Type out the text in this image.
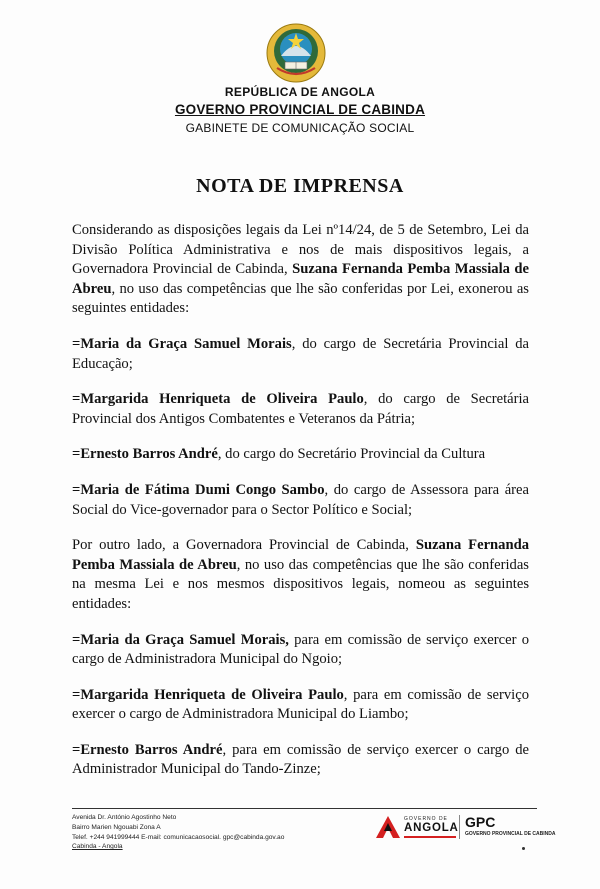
REPÚBLICA DE ANGOLA
GOVERNO PROVINCIAL DE CABINDA
GABINETE DE COMUNICAÇÃO SOCIAL
NOTA DE IMPRENSA

Considerando as disposições legais da Lei nº14/24, de 5 de Setembro, Lei da Divisão Política Administrativa e nos de mais dispositivos legais, a Governadora Provincial de Cabinda, Suzana Fernanda Pemba Massiala de Abreu, no uso das competências que lhe são conferidas por Lei, exonerou as seguintes entidades:

=Maria da Graça Samuel Morais, do cargo de Secretária Provincial da Educação;

=Margarida Henriqueta de Oliveira Paulo, do cargo de Secretária Provincial dos Antigos Combatentes e Veteranos da Pátria;

=Ernesto Barros André, do cargo do Secretário Provincial da Cultura

=Maria de Fátima Dumi Congo Sambo, do cargo de Assessora para área Social do Vice-governador para o Sector Político e Social;

Por outro lado, a Governadora Provincial de Cabinda, Suzana Fernanda Pemba Massiala de Abreu, no uso das competências que lhe são conferidas na mesma Lei e nos mesmos dispositivos legais, nomeou as seguintes entidades:

=Maria da Graça Samuel Morais, para em comissão de serviço exercer o cargo de Administradora Municipal do Ngoio;

=Margarida Henriqueta de Oliveira Paulo, para em comissão de serviço exercer o cargo de Administradora Municipal do Liambo;

=Ernesto Barros André, para em comissão de serviço exercer o cargo de Administrador Municipal do Tando-Zinze;

Avenida Dr. António Agostinho Neto
Bairro Marien Ngouabi Zona A
Telef. +244 941999444 E-mail: comunicacaosocial. gpc@cabinda.gov.ao
Cabinda - Angola
GOVERNO DE
ANGOLA GPC
GOVERNO PROVINCIAL DE CABINDA
